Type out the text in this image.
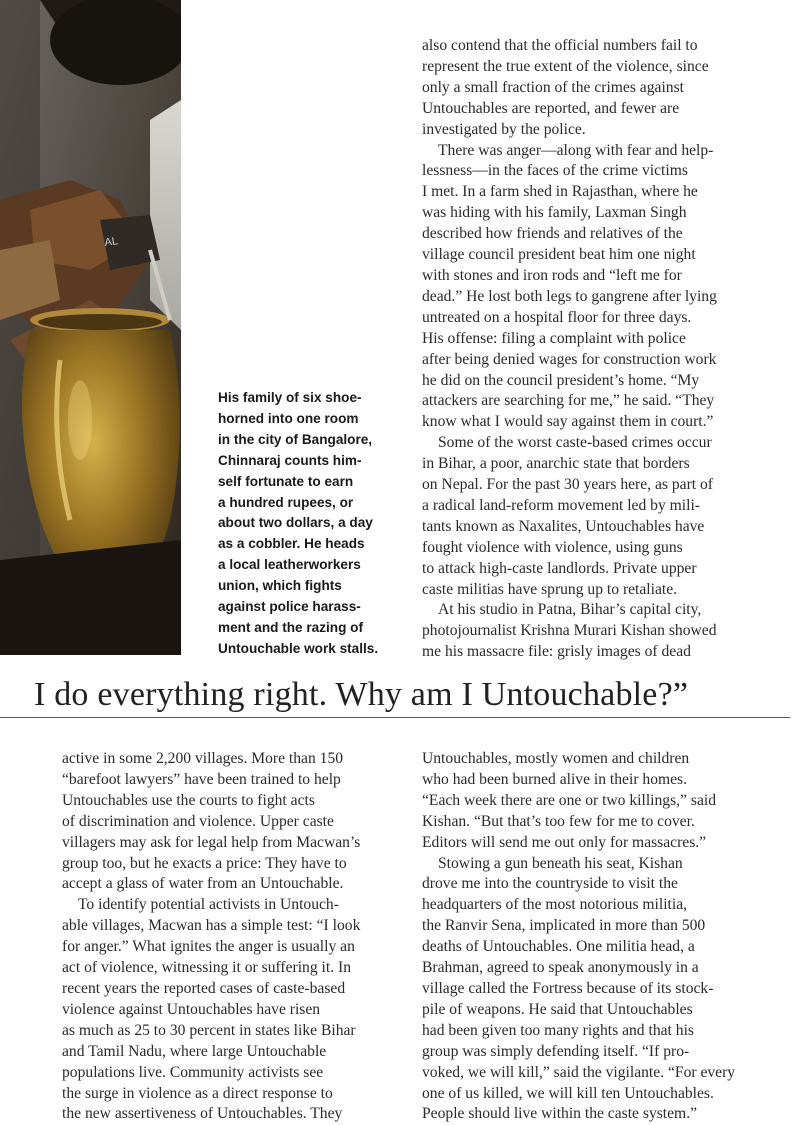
AL
His family of six shoe-
horned into one room
in the city of Bangalore,
Chinnaraj counts him-
self fortunate to earn
a hundred rupees, or
about two dollars, a day
as a cobbler. He heads
a local leatherworkers
union, which fights
against police harass-
ment and the razing of
Untouchable work stalls.
also contend that the official numbers fail to
represent the true extent of the violence, since
only a small fraction of the crimes against
Untouchables are reported, and fewer are
investigated by the police.
There was anger—along with fear and help-
lessness—in the faces of the crime victims
I met. In a farm shed in Rajasthan, where he
was hiding with his family, Laxman Singh
described how friends and relatives of the
village council president beat him one night
with stones and iron rods and “left me for
dead.” He lost both legs to gangrene after lying
untreated on a hospital floor for three days.
His offense: filing a complaint with police
after being denied wages for construction work
he did on the council president’s home. “My
attackers are searching for me,” he said. “They
know what I would say against them in court.”
Some of the worst caste-based crimes occur
in Bihar, a poor, anarchic state that borders
on Nepal. For the past 30 years here, as part of
a radical land-reform movement led by mili-
tants known as Naxalites, Untouchables have
fought violence with violence, using guns
to attack high-caste landlords. Private upper
caste militias have sprung up to retaliate.
At his studio in Patna, Bihar’s capital city,
photojournalist Krishna Murari Kishan showed
me his massacre file: grisly images of dead
I do everything right. Why am I Untouchable?”
active in some 2,200 villages. More than 150
“barefoot lawyers” have been trained to help
Untouchables use the courts to fight acts
of discrimination and violence. Upper caste
villagers may ask for legal help from Macwan’s
group too, but he exacts a price: They have to
accept a glass of water from an Untouchable.
To identify potential activists in Untouch-
able villages, Macwan has a simple test: “I look
for anger.” What ignites the anger is usually an
act of violence, witnessing it or suffering it. In
recent years the reported cases of caste-based
violence against Untouchables have risen
as much as 25 to 30 percent in states like Bihar
and Tamil Nadu, where large Untouchable
populations live. Community activists see
the surge in violence as a direct response to
the new assertiveness of Untouchables. They
Untouchables, mostly women and children
who had been burned alive in their homes.
“Each week there are one or two killings,” said
Kishan. “But that’s too few for me to cover.
Editors will send me out only for massacres.”
Stowing a gun beneath his seat, Kishan
drove me into the countryside to visit the
headquarters of the most notorious militia,
the Ranvir Sena, implicated in more than 500
deaths of Untouchables. One militia head, a
Brahman, agreed to speak anonymously in a
village called the Fortress because of its stock-
pile of weapons. He said that Untouchables
had been given too many rights and that his
group was simply defending itself. “If pro-
voked, we will kill,” said the vigilante. “For every
one of us killed, we will kill ten Untouchables.
People should live within the caste system.”
